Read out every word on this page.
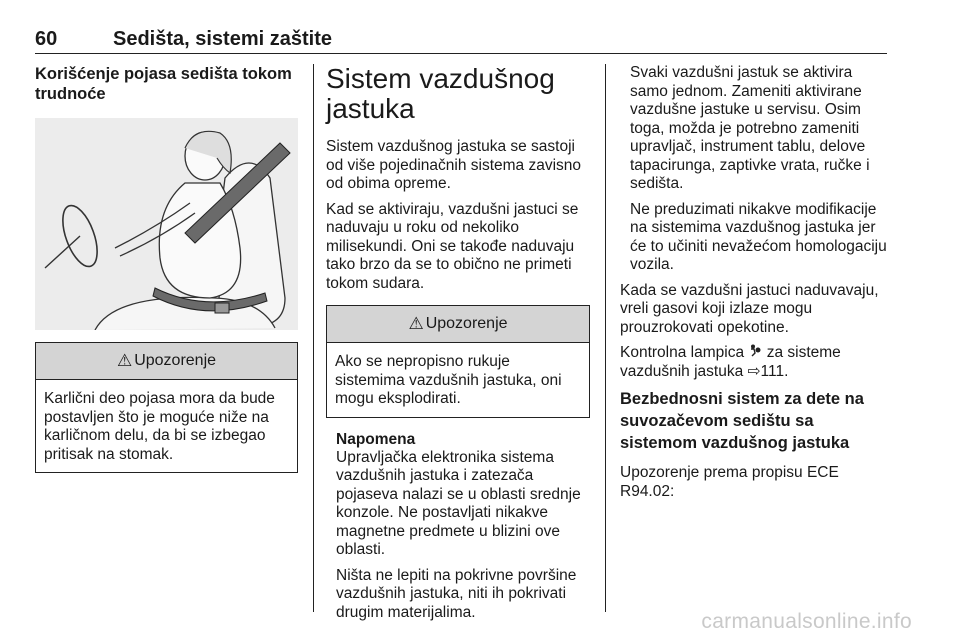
60	Sedišta, sistemi zaštite
Korišćenje pojasa sedišta tokom trudnoće
⚠ Upozorenje

Karlični deo pojasa mora da bude postavljen što je moguće niže na karličnom delu, da bi se izbegao pritisak na stomak.

Sistem vazdušnog jastuka

Sistem vazdušnog jastuka se sastoji od više pojedinačnih sistema zavisno od obima opreme.

Kad se aktiviraju, vazdušni jastuci se naduvaju u roku od nekoliko milisekundi. Oni se takođe naduvaju tako brzo da se to obično ne primeti tokom sudara.

⚠ Upozorenje

Ako se nepropisno rukuje sistemima vazdušnih jastuka, oni mogu eksplodirati.

Napomena

Upravljačka elektronika sistema vazdušnih jastuka i zatezača pojaseva nalazi se u oblasti srednje konzole. Ne postavljati nikakve magnetne predmete u blizini ove oblasti.

Ništa ne lepiti na pokrivne površine vazdušnih jastuka, niti ih pokrivati drugim materijalima.

Svaki vazdušni jastuk se aktivira samo jednom. Zameniti aktivirane vazdušne jastuke u servisu. Osim toga, možda je potrebno zameniti upravljač, instrument tablu, delove tapacirunga, zaptivke vrata, ručke i sedišta.

Ne preduzimati nikakve modifikacije na sistemima vazdušnog jastuka jer će to učiniti nevažećom homologaciju vozila.

Kada se vazdušni jastuci naduvavaju, vreli gasovi koji izlaze mogu prouzrokovati opekotine.

Kontrolna lampica za sisteme vazdušnih jastuka ⇨111.

Bezbednosni sistem za dete na suvozačevom sedištu sa sistemom vazdušnog jastuka

Upozorenje prema propisu ECE R94.02:

carmanualsonline.info
